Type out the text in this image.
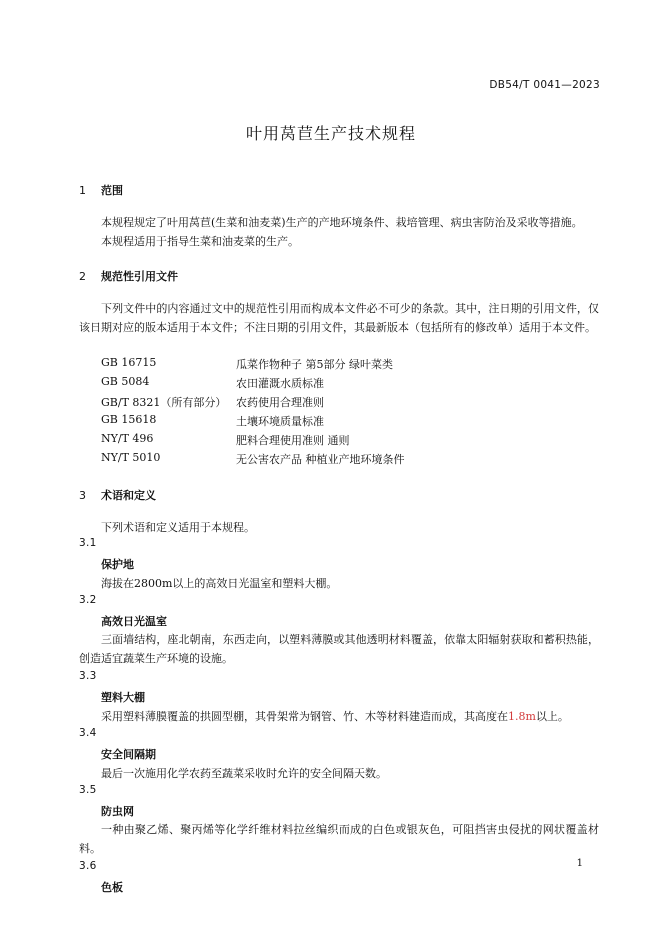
DB54/T 0041—2023
叶用莴苣生产技术规程
1 范围
本规程规定了叶用莴苣(生菜和油麦菜)生产的产地环境条件、栽培管理、病虫害防治及采收等措施。
本规程适用于指导生菜和油麦菜的生产。
2 规范性引用文件
下列文件中的内容通过文中的规范性引用而构成本文件必不可少的条款。其中，注日期的引用文件，仅该日期对应的版本适用于本文件；不注日期的引用文件，其最新版本（包括所有的修改单）适用于本文件。
GB 16715	瓜菜作物种子 第5部分 绿叶菜类
GB 5084	农田灌溉水质标准
GB/T 8321（所有部分） 农药使用合理准则
GB 15618	土壤环境质量标准
NY/T 496	肥料合理使用准则 通则
NY/T 5010	无公害农产品 种植业产地环境条件
3 术语和定义
下列术语和定义适用于本规程。
3.1
保护地
海拔在2800m以上的高效日光温室和塑料大棚。
3.2
高效日光温室
三面墙结构，座北朝南，东西走向，以塑料薄膜或其他透明材料覆盖，依靠太阳辐射获取和蓄积热能，创造适宜蔬菜生产环境的设施。
3.3
塑料大棚
采用塑料薄膜覆盖的拱圆型棚，其骨架常为钢管、竹、木等材料建造而成，其高度在1.8m以上。
3.4
安全间隔期
最后一次施用化学农药至蔬菜采收时允许的安全间隔天数。
3.5
防虫网
一种由聚乙烯、聚丙烯等化学纤维材料拉丝编织而成的白色或银灰色，可阻挡害虫侵扰的网状覆盖材料。
3.6
色板
1
